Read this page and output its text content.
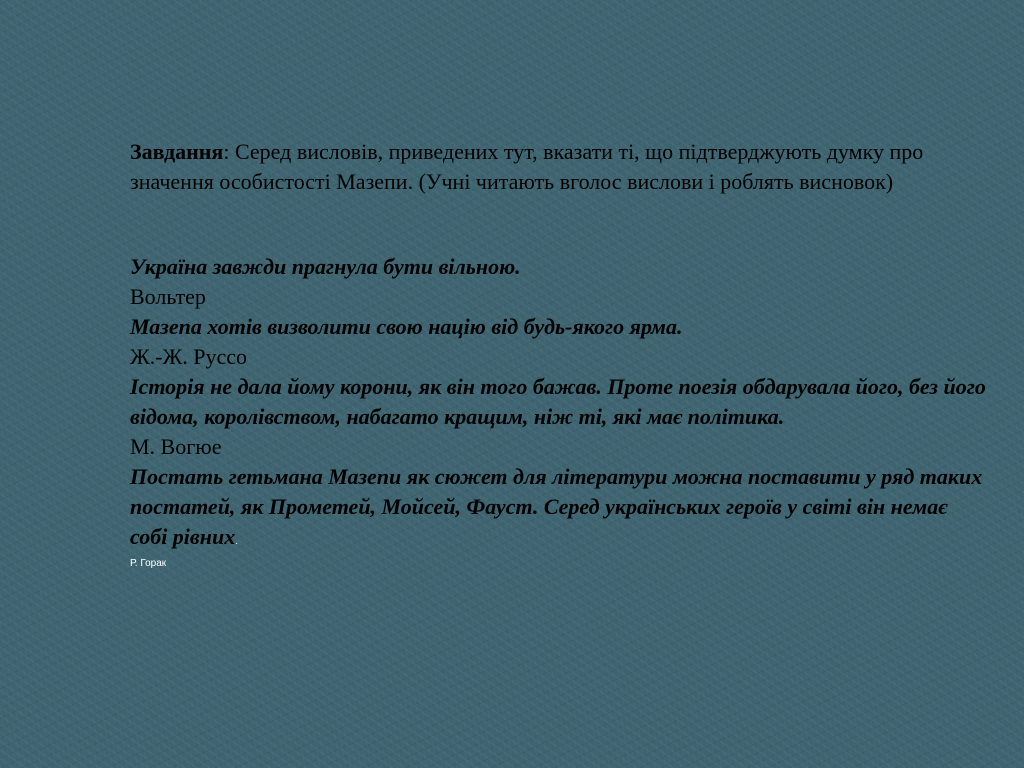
Завдання: Серед висловів, приведених тут, вказати ті, що підтверджують думку про значення особистості Мазепи. (Учні читають вголос вислови і роблять висновок)

Україна завжди прагнула бути вільною.
Вольтер
Мазепа хотів визволити свою націю від будь-якого ярма.
Ж.-Ж. Руссо
Історія не дала йому корони, як він того бажав. Проте поезія обдарувала його, без його відома, королівством, набагато кращим, ніж ті, які має політика.
М. Вогюе
Постать гетьмана Мазепи як сюжет для літератури можна поставити у ряд таких постатей, як Прометей, Мойсей, Фауст. Серед українських героїв у світі він немає собі рівних.
Р. Горак
